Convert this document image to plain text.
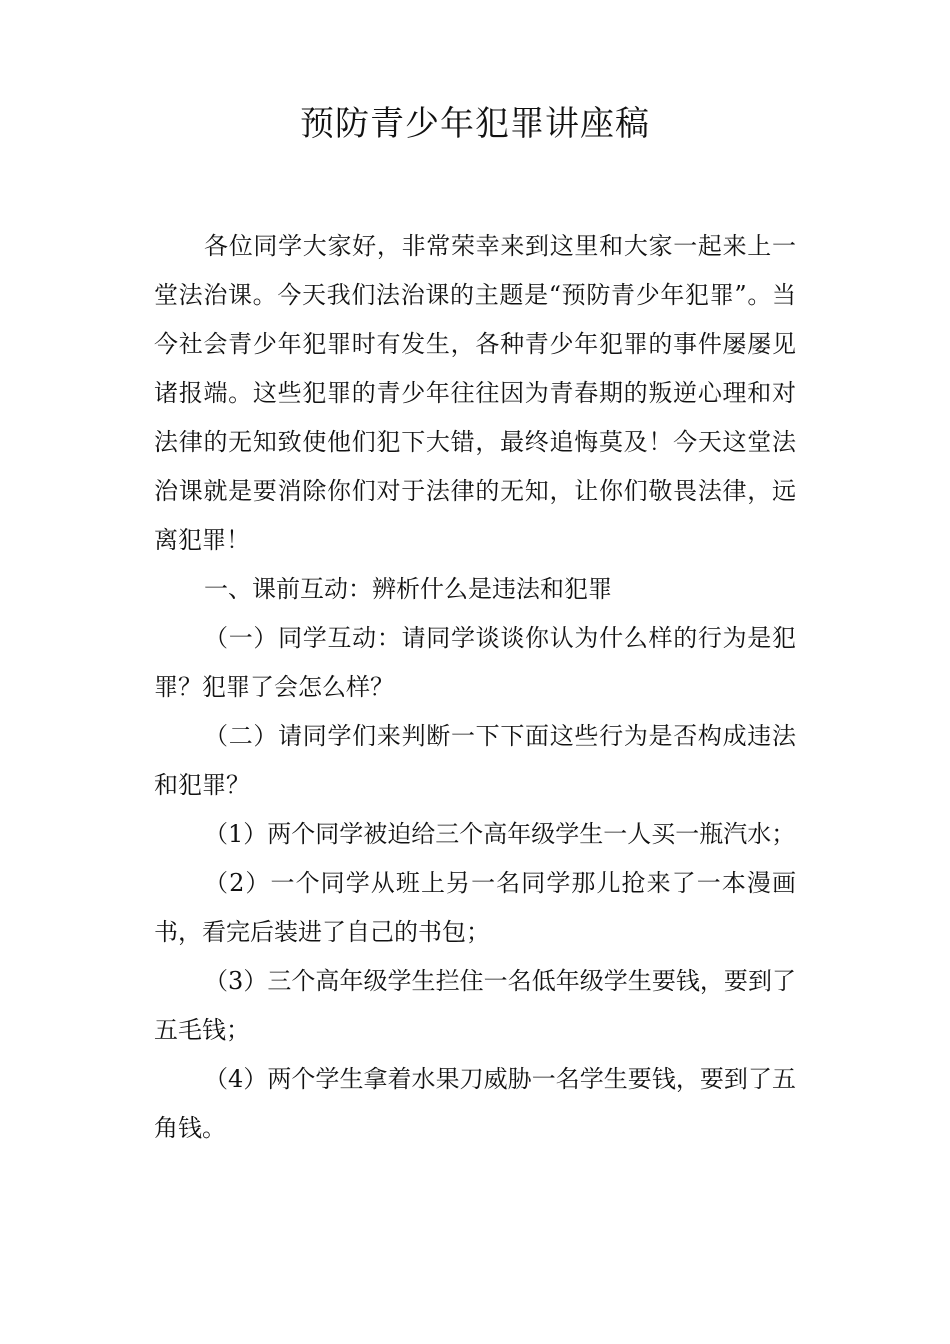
预防青少年犯罪讲座稿

各位同学大家好，非常荣幸来到这里和大家一起来上一堂法治课。今天我们法治课的主题是“预防青少年犯罪”。当今社会青少年犯罪时有发生，各种青少年犯罪的事件屡屡见诸报端。这些犯罪的青少年往往因为青春期的叛逆心理和对法律的无知致使他们犯下大错，最终追悔莫及！今天这堂法治课就是要消除你们对于法律的无知，让你们敬畏法律，远离犯罪！

一、课前互动：辨析什么是违法和犯罪

（一）同学互动：请同学谈谈你认为什么样的行为是犯罪？犯罪了会怎么样？

（二）请同学们来判断一下下面这些行为是否构成违法和犯罪？

（1）两个同学被迫给三个高年级学生一人买一瓶汽水；

（2）一个同学从班上另一名同学那儿抢来了一本漫画书，看完后装进了自己的书包；

（3）三个高年级学生拦住一名低年级学生要钱，要到了五毛钱；

（4）两个学生拿着水果刀威胁一名学生要钱，要到了五角钱。
